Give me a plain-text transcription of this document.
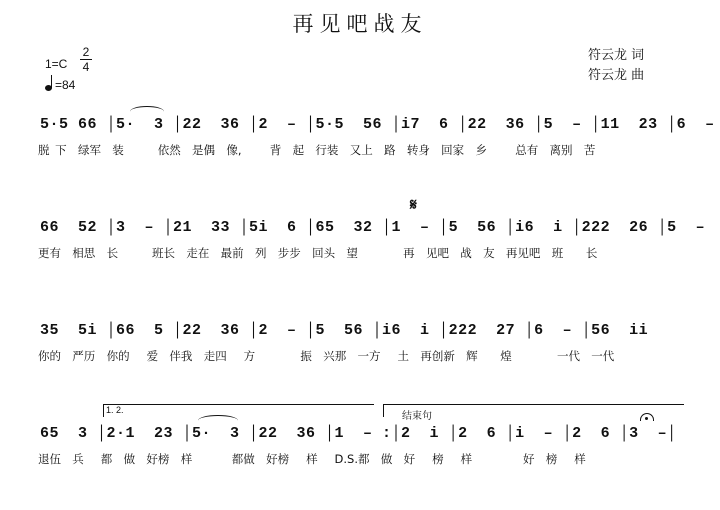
再见吧战友
符云龙 词
符云龙 曲
1=C
2
4
=84
5·5 66 │5·  3 │22  36 │2  – │5·5  56 │i7  6 │22  36 │5  – │11  23 │6  –
脱 下  绿军  装      依然  是偶  像,     背  起  行装  又上  路  转身  回家  乡     总有  离别  苦
𝄋
66  52 │3  – │21  33 │5i  6 │65  32 │1  – │5  56 │i6  i │222  26 │5  –
更有  相思  长      班长  走在  最前  列  步步  回头  望        再  见吧  战  友  再见吧  班    长
35  5i │66  5 │22  36 │2  – │5  56 │i6  i │222  27 │6  – │56  ii
你的  严历  你的   爱  伴我  走四   方        振  兴那  一方   土  再创新  辉    煌        一代  一代
1. 2.
结束句
65  3 │2·1  23 │5·  3 │22  36 │1  – :│2  i │2  6 │i  – │2  6 │3  –│
退伍  兵   都  做  好榜  样       都做  好榜   样   D.S.都  做  好   榜   样         好  榜   样
